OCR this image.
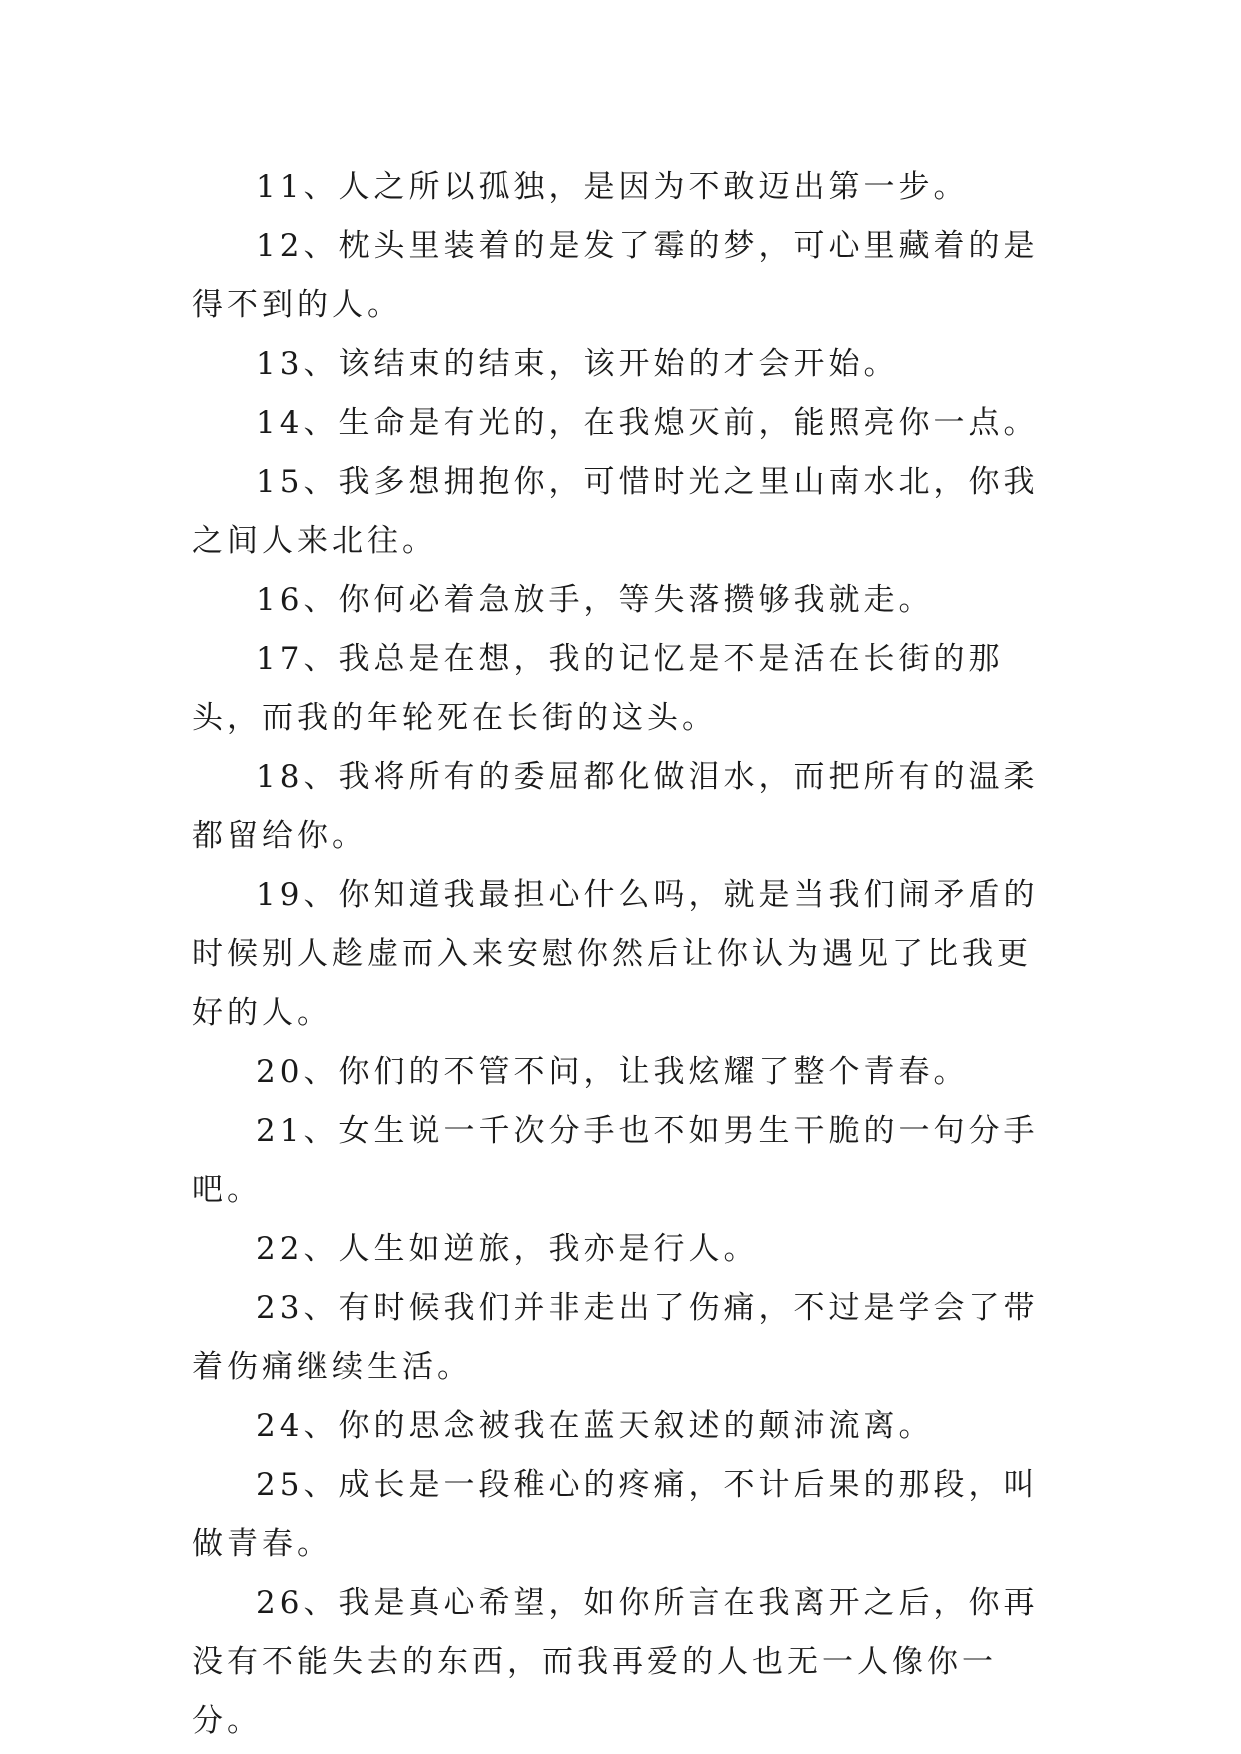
11、人之所以孤独，是因为不敢迈出第一步。

12、枕头里装着的是发了霉的梦，可心里藏着的是得不到的人。

13、该结束的结束，该开始的才会开始。

14、生命是有光的，在我熄灭前，能照亮你一点。

15、我多想拥抱你，可惜时光之里山南水北，你我之间人来北往。

16、你何必着急放手，等失落攒够我就走。

17、我总是在想，我的记忆是不是活在长街的那头，而我的年轮死在长街的这头。

18、我将所有的委屈都化做泪水，而把所有的温柔都留给你。

19、你知道我最担心什么吗，就是当我们闹矛盾的时候别人趁虚而入来安慰你然后让你认为遇见了比我更好的人。

20、你们的不管不问，让我炫耀了整个青春。

21、女生说一千次分手也不如男生干脆的一句分手吧。

22、人生如逆旅，我亦是行人。

23、有时候我们并非走出了伤痛，不过是学会了带着伤痛继续生活。

24、你的思念被我在蓝天叙述的颠沛流离。

25、成长是一段稚心的疼痛，不计后果的那段，叫做青春。

26、我是真心希望，如你所言在我离开之后，你再没有不能失去的东西，而我再爱的人也无一人像你一分。
